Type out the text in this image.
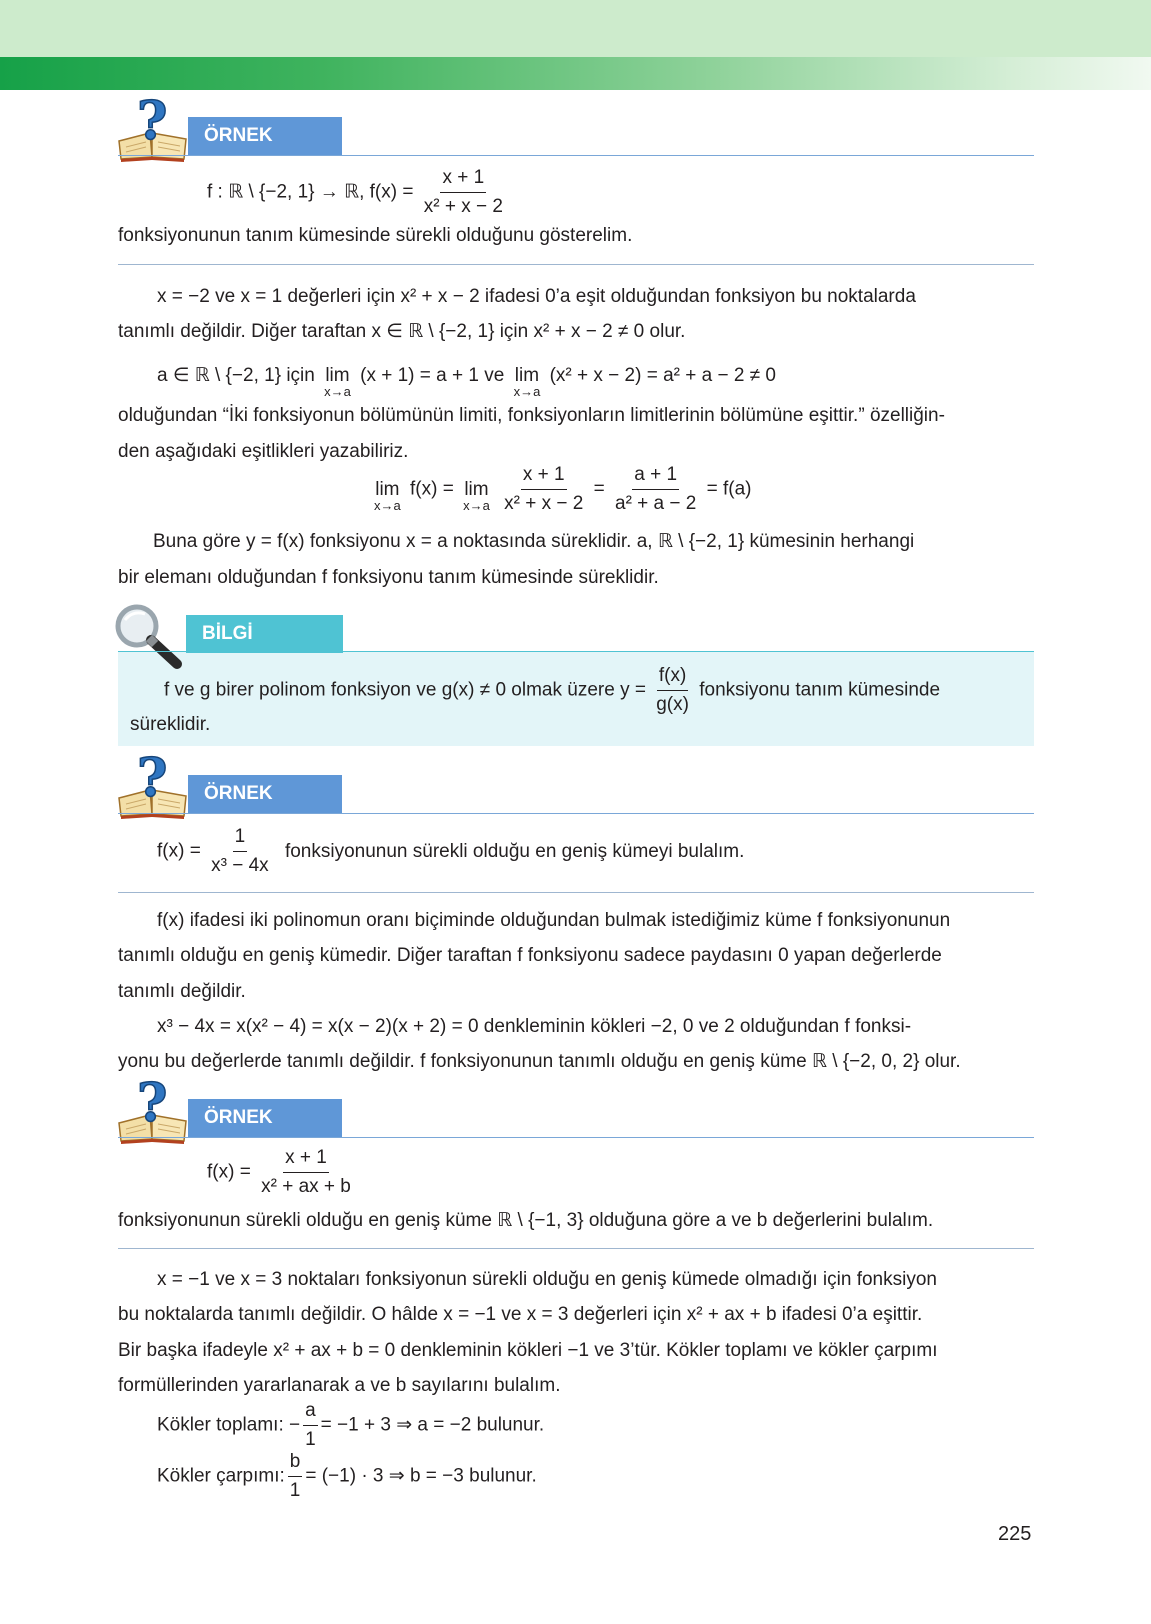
?	ÖRNEK
f : ℝ \ {−2, 1} → ℝ, $f(x) = \frac{x + 1}{\text{x² + x − 2}}$
fonksiyonunun tanım kümesinde sürekli olduğunu gösterelim.
x = −2 ve x = 1 değerleri için x² + x − 2 ifadesi 0’a eşit olduğundan fonksiyon bu noktalarda
tanımlı değildir. Diğer taraftan x ∈ ℝ \ {−2, 1} için x² + x − 2 ≠ 0 olur.
a ∈ ℝ \ {−2, 1} için lim
x→a
(x + 1) = a + 1 ve lim
x→a
(x² + x − 2) = a² + a − 2 ≠ 0
olduğundan “İki fonksiyonun bölümünün limiti, fonksiyonların limitlerinin bölümüne eşittir.” özelliğin-
den aşağıdaki eşitlikleri yazabiliriz.
lim
x→a
f(x) = lim
x→a
$\frac{x + 1}{\text{x² + x − 2}} = \frac{a + 1}{\text{a² + a − 2}} = f(a)$
Buna göre y = f(x) fonksiyonu x = a noktasında süreklidir. a, ℝ \ {−2, 1} kümesinin herhangi
bir elemanı olduğundan f fonksiyonu tanım kümesinde süreklidir.
BİLGİ
f ve g birer polinom fonksiyon ve g(x) ≠ 0 olmak üzere $y = \frac{f(x)}{g(x)}$ fonksiyonu tanım kümesinde
süreklidir.
?	ÖRNEK
$f(x) = \frac{1}{\text{x³ − 4x}}$ fonksiyonunun sürekli olduğu en geniş kümeyi bulalım.
f(x) ifadesi iki polinomun oranı biçiminde olduğundan bulmak istediğimiz küme f fonksiyonunun
tanımlı olduğu en geniş kümedir. Diğer taraftan f fonksiyonu sadece paydasını 0 yapan değerlerde
tanımlı değildir.
x³ − 4x = x(x² − 4) = x(x − 2)(x + 2) = 0 denkleminin kökleri −2, 0 ve 2 olduğundan f fonksi-
yonu bu değerlerde tanımlı değildir. f fonksiyonunun tanımlı olduğu en geniş küme ℝ \ {−2, 0, 2} olur.
?	ÖRNEK
$f(x) = \frac{x + 1}{\text{x² + ax + b}}$
fonksiyonunun sürekli olduğu en geniş küme ℝ \ {−1, 3} olduğuna göre a ve b değerlerini bulalım.
x = −1 ve x = 3 noktaları fonksiyonun sürekli olduğu en geniş kümede olmadığı için fonksiyon
bu noktalarda tanımlı değildir. O hâlde x = −1 ve x = 3 değerleri için x² + ax + b ifadesi 0’a eşittir.
Bir başka ifadeyle x² + ax + b = 0 denkleminin kökleri −1 ve 3’tür. Kökler toplamı ve kökler çarpımı
formüllerinden yararlanarak a ve b sayılarını bulalım.
Kökler toplamı: − $\frac{a}{1} = -1 + 3$ ⇒ a = −2 bulunur.
Kökler çarpımı: $\frac{b}{1} = (-1) \cdot 3$ ⇒ b = −3 bulunur.
225
